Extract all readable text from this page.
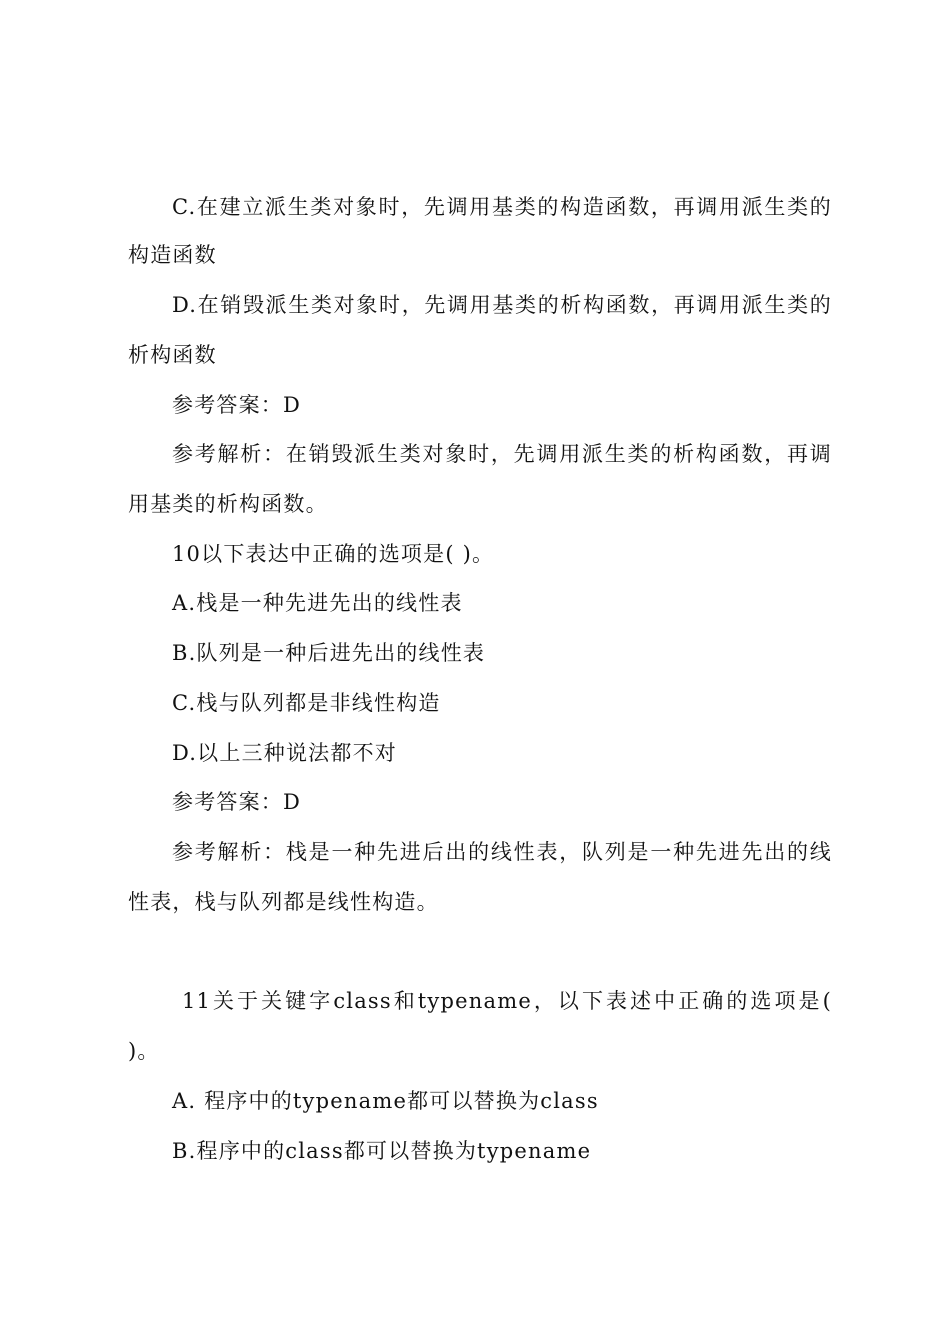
C.在建立派生类对象时，先调用基类的构造函数，再调用派生类的
构造函数
D.在销毁派生类对象时，先调用基类的析构函数，再调用派生类的
析构函数
参考答案：D
参考解析：在销毁派生类对象时，先调用派生类的析构函数，再调
用基类的析构函数。
10以下表达中正确的选项是( )。
A.栈是一种先进先出的线性表
B.队列是一种后进先出的线性表
C.栈与队列都是非线性构造
D.以上三种说法都不对
参考答案：D
参考解析：栈是一种先进后出的线性表，队列是一种先进先出的线
性表，栈与队列都是线性构造。
11关于关键字class和typename，以下表述中正确的选项是(
)。
A. 程序中的typename都可以替换为class
B.程序中的class都可以替换为typename
